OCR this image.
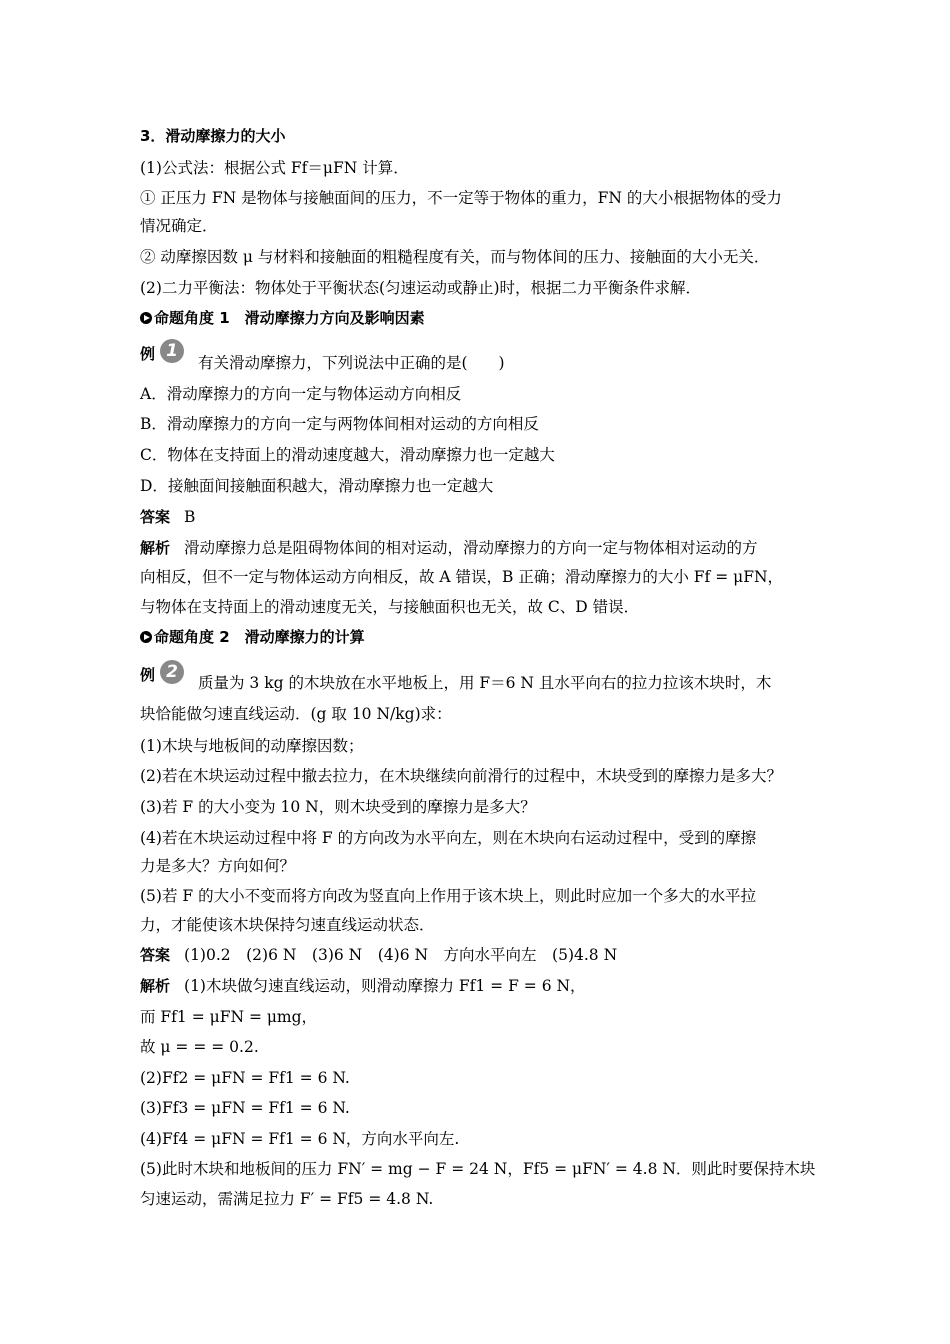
3．滑动摩擦力的大小
(1)公式法：根据公式 Ff＝μFN 计算．
① 正压力 FN 是物体与接触面间的压力，不一定等于物体的重力，FN 的大小根据物体的受力
情况确定．
② 动摩擦因数 μ 与材料和接触面的粗糙程度有关，而与物体间的压力、接触面的大小无关．
(2)二力平衡法：物体处于平衡状态(匀速运动或静止)时，根据二力平衡条件求解．
命题角度 1　滑动摩擦力方向及影响因素
例 1
有关滑动摩擦力，下列说法中正确的是(　　)
A．滑动摩擦力的方向一定与物体运动方向相反
B．滑动摩擦力的方向一定与两物体间相对运动的方向相反
C．物体在支持面上的滑动速度越大，滑动摩擦力也一定越大
D．接触面间接触面积越大，滑动摩擦力也一定越大
答案 B
解析 滑动摩擦力总是阻碍物体间的相对运动，滑动摩擦力的方向一定与物体相对运动的方
向相反，但不一定与物体运动方向相反，故 A 错误，B 正确；滑动摩擦力的大小 Ff = μFN，
与物体在支持面上的滑动速度无关，与接触面积也无关，故 C、D 错误．
命题角度 2　滑动摩擦力的计算
例 2
质量为 3 kg 的木块放在水平地板上，用 F＝6 N 且水平向右的拉力拉该木块时，木
块恰能做匀速直线运动．(g 取 10 N/kg)求：
(1)木块与地板间的动摩擦因数；
(2)若在木块运动过程中撤去拉力，在木块继续向前滑行的过程中，木块受到的摩擦力是多大？
(3)若 F 的大小变为 10 N，则木块受到的摩擦力是多大？
(4)若在木块运动过程中将 F 的方向改为水平向左，则在木块向右运动过程中，受到的摩擦
力是多大？方向如何？
(5)若 F 的大小不变而将方向改为竖直向上作用于该木块上，则此时应加一个多大的水平拉
力，才能使该木块保持匀速直线运动状态．
答案 (1)0.2　(2)6 N　(3)6 N　(4)6 N　方向水平向左　(5)4.8 N
解析 (1)木块做匀速直线运动，则滑动摩擦力 Ff1 = F = 6 N，
而 Ff1 = μFN = μmg，
故 μ = = = 0.2.
(2)Ff2 = μFN = Ff1 = 6 N.
(3)Ff3 = μFN = Ff1 = 6 N.
(4)Ff4 = μFN = Ff1 = 6 N，方向水平向左.
(5)此时木块和地板间的压力 FN′ = mg − F = 24 N，Ff5 = μFN′ = 4.8 N．则此时要保持木块
匀速运动，需满足拉力 F′ = Ff5 = 4.8 N.
